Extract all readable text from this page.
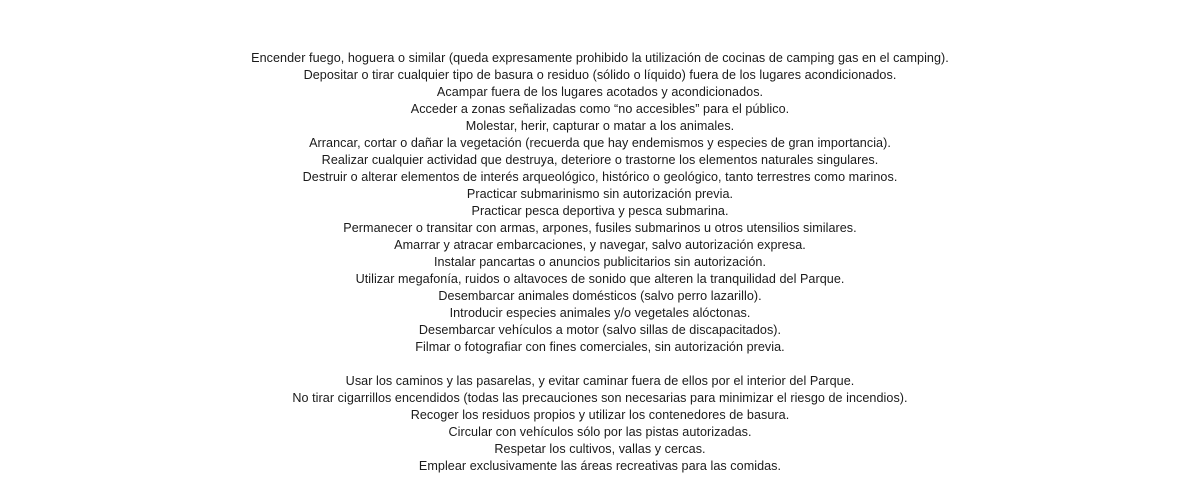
Encender fuego, hoguera o similar (queda expresamente prohibido la utilización de cocinas de camping gas en el camping).
Depositar o tirar cualquier tipo de basura o residuo (sólido o líquido) fuera de los lugares acondicionados.
Acampar fuera de los lugares acotados y acondicionados.
Acceder a zonas señalizadas como “no accesibles” para el público.
Molestar, herir, capturar o matar a los animales.
Arrancar, cortar o dañar la vegetación (recuerda que hay endemismos y especies de gran importancia).
Realizar cualquier actividad que destruya, deteriore o trastorne los elementos naturales singulares.
Destruir o alterar elementos de interés arqueológico, histórico o geológico, tanto terrestres como marinos.
Practicar submarinismo sin autorización previa.
Practicar pesca deportiva y pesca submarina.
Permanecer o transitar con armas, arpones, fusiles submarinos u otros utensilios similares.
Amarrar y atracar embarcaciones, y navegar, salvo autorización expresa.
Instalar pancartas o anuncios publicitarios sin autorización.
Utilizar megafonía, ruidos o altavoces de sonido que alteren la tranquilidad del Parque.
Desembarcar animales domésticos (salvo perro lazarillo).
Introducir especies animales y/o vegetales alóctonas.
Desembarcar vehículos a motor (salvo sillas de discapacitados).
Filmar o fotografiar con fines comerciales, sin autorización previa.
Usar los caminos y las pasarelas, y evitar caminar fuera de ellos por el interior del Parque.
No tirar cigarrillos encendidos (todas las precauciones son necesarias para minimizar el riesgo de incendios).
Recoger los residuos propios y utilizar los contenedores de basura.
Circular con vehículos sólo por las pistas autorizadas.
Respetar los cultivos, vallas y cercas.
Emplear exclusivamente las áreas recreativas para las comidas.
